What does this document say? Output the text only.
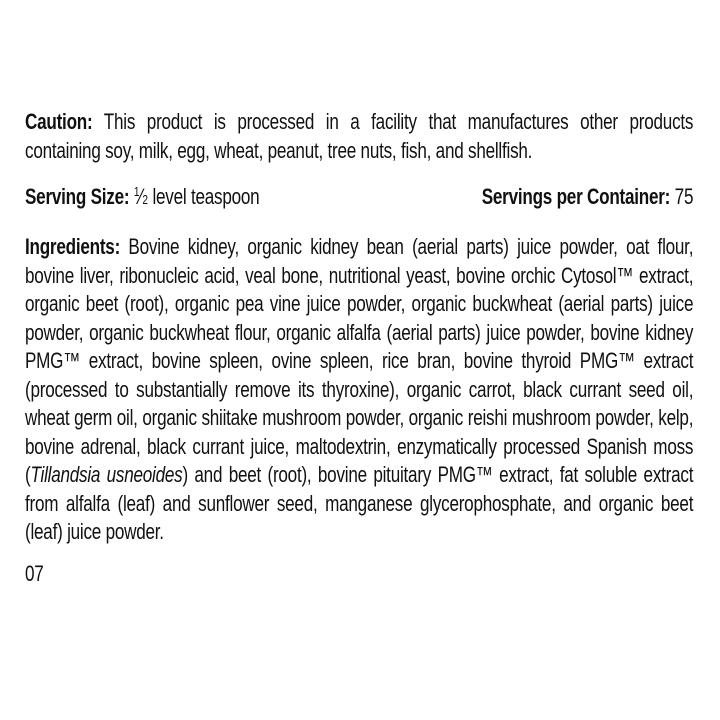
Caution: This product is processed in a facility that manufactures other products containing soy, milk, egg, wheat, peanut, tree nuts, fish, and shellfish.

Serving Size: $^1$⁄2 level teaspoon	Servings per Container: 75

Ingredients: Bovine kidney, organic kidney bean (aerial parts) juice powder, oat flour, bovine liver, ribonucleic acid, veal bone, nutritional yeast, bovine orchic Cytosol™ extract, organic beet (root), organic pea vine juice powder, organic buckwheat (aerial parts) juice powder, organic buckwheat flour, organic alfalfa (aerial parts) juice powder, bovine kidney PMG™ extract, bovine spleen, ovine spleen, rice bran, bovine thyroid PMG™ extract (processed to substantially remove its thyroxine), organic carrot, black currant seed oil, wheat germ oil, organic shiitake mushroom powder, organic reishi mushroom powder, kelp, bovine adrenal, black currant juice, maltodextrin, enzymatically processed Spanish moss (Tillandsia usneoides) and beet (root), bovine pituitary PMG™ extract, fat soluble extract from alfalfa (leaf) and sunflower seed, manganese glycerophosphate, and organic beet (leaf) juice powder.

07
